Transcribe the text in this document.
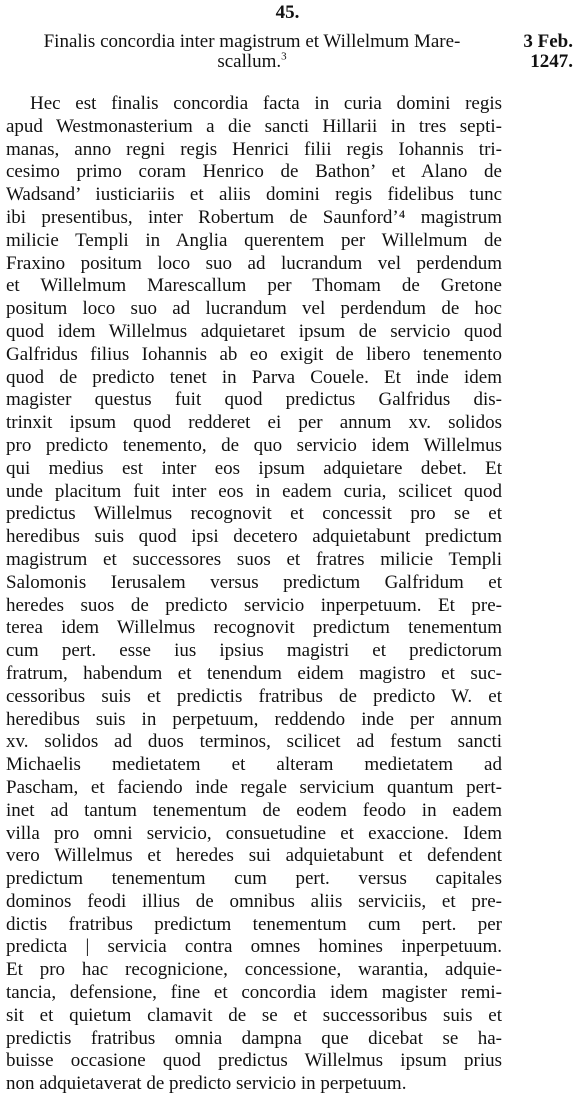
45.
Finalis concordia inter magistrum et Willelmum Mare-
scallum.$^3$
3 Feb.
1247.
Hec est finalis concordia facta in curia domini regis
apud Westmonasterium a die sancti Hillarii in tres septi-
manas, anno regni regis Henrici filii regis Iohannis tri-
cesimo primo coram Henrico de Bathon’ et Alano de
Wadsand’ iusticiariis et aliis domini regis fidelibus tunc
ibi presentibus, inter Robertum de Saunford’⁴ magistrum
milicie Templi in Anglia querentem per Willelmum de
Fraxino positum loco suo ad lucrandum vel perdendum
et Willelmum Marescallum per Thomam de Gretone
positum loco suo ad lucrandum vel perdendum de hoc
quod idem Willelmus adquietaret ipsum de servicio quod
Galfridus filius Iohannis ab eo exigit de libero tenemento
quod de predicto tenet in Parva Couele. Et inde idem
magister questus fuit quod predictus Galfridus dis-
trinxit ipsum quod redderet ei per annum xv. solidos
pro predicto tenemento, de quo servicio idem Willelmus
qui medius est inter eos ipsum adquietare debet. Et
unde placitum fuit inter eos in eadem curia, scilicet quod
predictus Willelmus recognovit et concessit pro se et
heredibus suis quod ipsi decetero adquietabunt predictum
magistrum et successores suos et fratres milicie Templi
Salomonis Ierusalem versus predictum Galfridum et
heredes suos de predicto servicio inperpetuum. Et pre-
terea idem Willelmus recognovit predictum tenementum
cum pert. esse ius ipsius magistri et predictorum
fratrum, habendum et tenendum eidem magistro et suc-
cessoribus suis et predictis fratribus de predicto W. et
heredibus suis in perpetuum, reddendo inde per annum
xv. solidos ad duos terminos, scilicet ad festum sancti
Michaelis medietatem et alteram medietatem ad
Pascham, et faciendo inde regale servicium quantum pert-
inet ad tantum tenementum de eodem feodo in eadem
villa pro omni servicio, consuetudine et exaccione. Idem
vero Willelmus et heredes sui adquietabunt et defendent
predictum tenementum cum pert. versus capitales
dominos feodi illius de omnibus aliis serviciis, et pre-
dictis fratribus predictum tenementum cum pert. per
predicta | servicia contra omnes homines inperpetuum.
Et pro hac recognicione, concessione, warantia, adquie-
tancia, defensione, fine et concordia idem magister remi-
sit et quietum clamavit de se et successoribus suis et
predictis fratribus omnia dampna que dicebat se ha-
buisse occasione quod predictus Willelmus ipsum prius
non adquietaverat de predicto servicio in perpetuum.
